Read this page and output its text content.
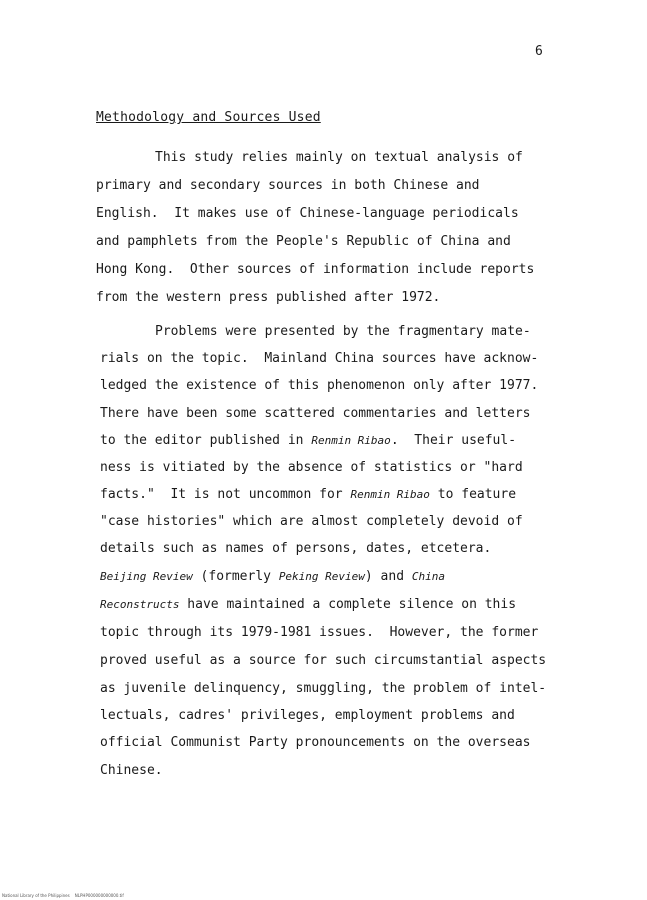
6
Methodology and Sources Used
This study relies mainly on textual analysis of
primary and secondary sources in both Chinese and
English.  It makes use of Chinese-language periodicals
and pamphlets from the People's Republic of China and
Hong Kong.  Other sources of information include reports
from the western press published after 1972.
Problems were presented by the fragmentary mate-
rials on the topic.  Mainland China sources have acknow-
ledged the existence of this phenomenon only after 1977.
There have been some scattered commentaries and letters
to the editor published in Renmin Ribao.  Their useful-
ness is vitiated by the absence of statistics or "hard
facts."  It is not uncommon for Renmin Ribao to feature
"case histories" which are almost completely devoid of
details such as names of persons, dates, etcetera.
Beijing Review (formerly Peking Review) and China
Reconstructs have maintained a complete silence on this
topic through its 1979-1981 issues.  However, the former
proved useful as a source for such circumstantial aspects
as juvenile delinquency, smuggling, the problem of intel-
lectuals, cadres' privileges, employment problems and
official Communist Party pronouncements on the overseas
Chinese.
National Library of the Philippines    NLPHP000000000000.tif
